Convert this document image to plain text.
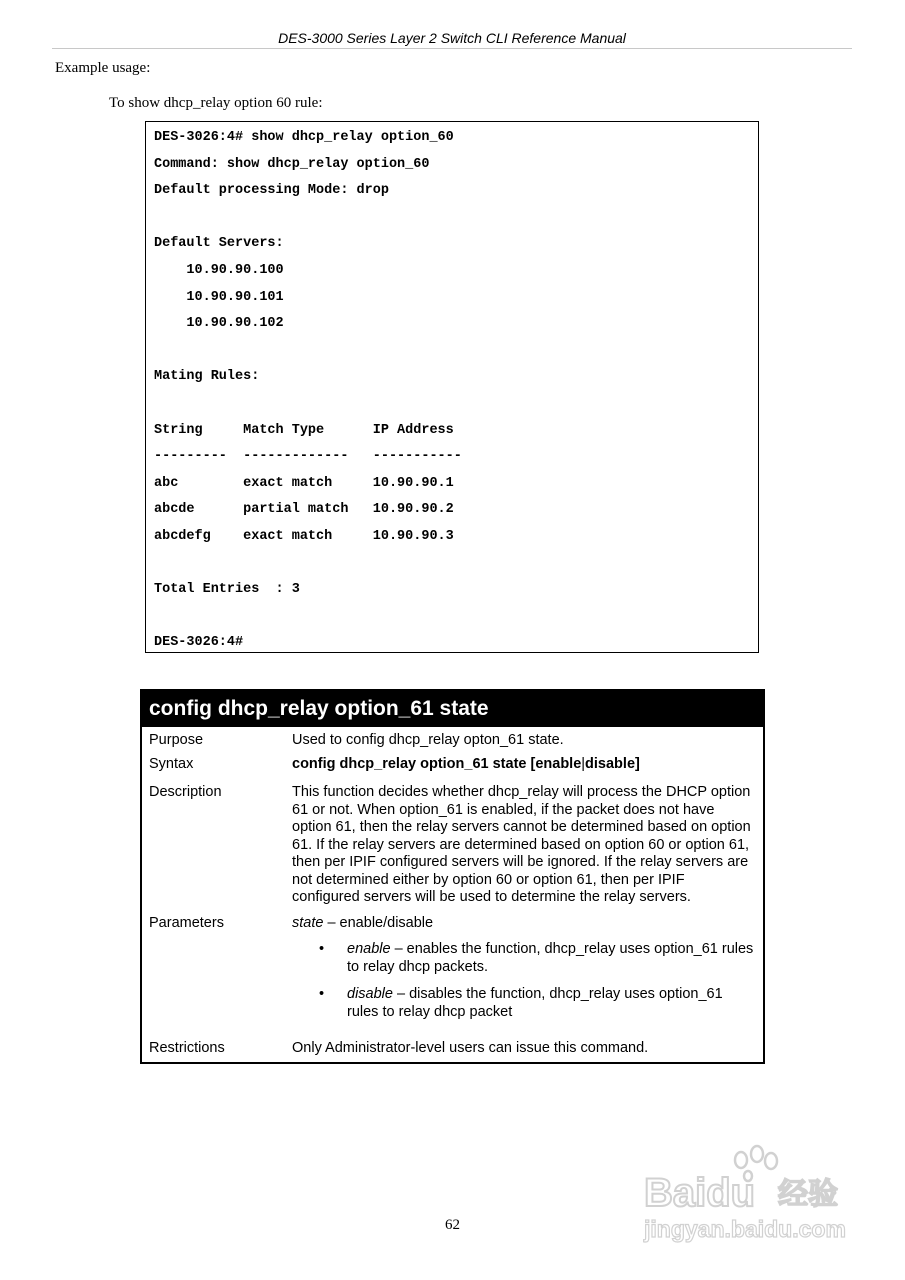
DES-3000 Series Layer 2 Switch CLI Reference Manual
Example usage:
To show dhcp_relay option 60 rule:
DES-3026:4# show dhcp_relay option_60
Command: show dhcp_relay option_60
Default processing Mode: drop

Default Servers:
10.90.90.100
10.90.90.101
10.90.90.102

Mating Rules:

String     Match Type      IP Address
---------  -------------   -----------
abc        exact match     10.90.90.1
abcde      partial match   10.90.90.2
abcdefg    exact match     10.90.90.3

Total Entries  : 3

DES-3026:4#
config dhcp_relay option_61 state
Purpose	Used to config dhcp_relay opton_61 state.
Syntax	config dhcp_relay option_61 state [enable|disable]
Description	This function decides whether dhcp_relay will process the DHCP option 61 or not. When option_61 is enabled, if the packet does not have option 61, then the relay servers cannot be determined based on option 61. If the relay servers are determined based on option 60 or option 61, then per IPIF configured servers will be ignored. If the relay servers are not determined either by option 60 or option 61, then per IPIF configured servers will be used to determine the relay servers.
Parameters	state – enable/disable
• enable – enables the function, dhcp_relay uses option_61 rules to relay dhcp packets.
• disable – disables the function, dhcp_relay uses option_61 rules to relay dhcp packet
Restrictions	Only Administrator-level users can issue this command.
62
Baidu 经验
jingyan.baidu.com
